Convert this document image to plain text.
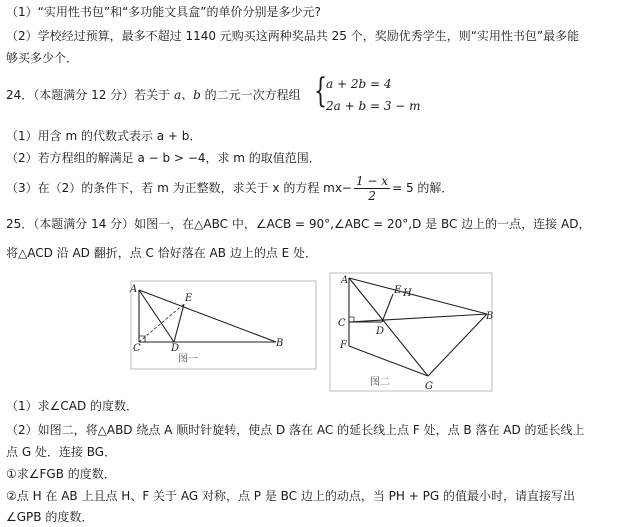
（1）“实用性书包”和“多功能文具盒”的单价分别是多少元?
（2）学校经过预算，最多不超过 1140 元购买这两种奖品共 25 个，奖励优秀学生，则“实用性书包”最多能
够买多少个．
24．（本题满分 12 分）若关于 a、b 的二元一次方程组 { a + 2b = 4
2a + b = 3 − m
（1）用含 m 的代数式表示 a + b．
（2）若方程组的解满足 a − b > −4，求 m 的取值范围．
（3）在（2）的条件下，若 m 为正整数，求关于 x 的方程 $mx- \frac{1 - x}{2} = 5$ 的解．
25．（本题满分 14 分）如图一，在△ABC 中，∠ACB = 90°,∠ABC = 20°,D 是 BC 边上的一点，连接 AD，
将△ACD 沿 AD 翻折，点 C 恰好落在 AB 边上的点 E 处．
A
E
C	D	B
图一
A
E H
C
D
B
F
G
图二
（1）求∠CAD 的度数．
（2）如图二，将△ABD 绕点 A 顺时针旋转，使点 D 落在 AC 的延长线上点 F 处，点 B 落在 AD 的延长线上
点 G 处．连接 BG．
①求∠FGB 的度数．
②点 H 在 AB 上且点 H、F 关于 AG 对称，点 P 是 BC 边上的动点，当 PH + PG 的值最小时，请直接写出
∠GPB 的度数．
